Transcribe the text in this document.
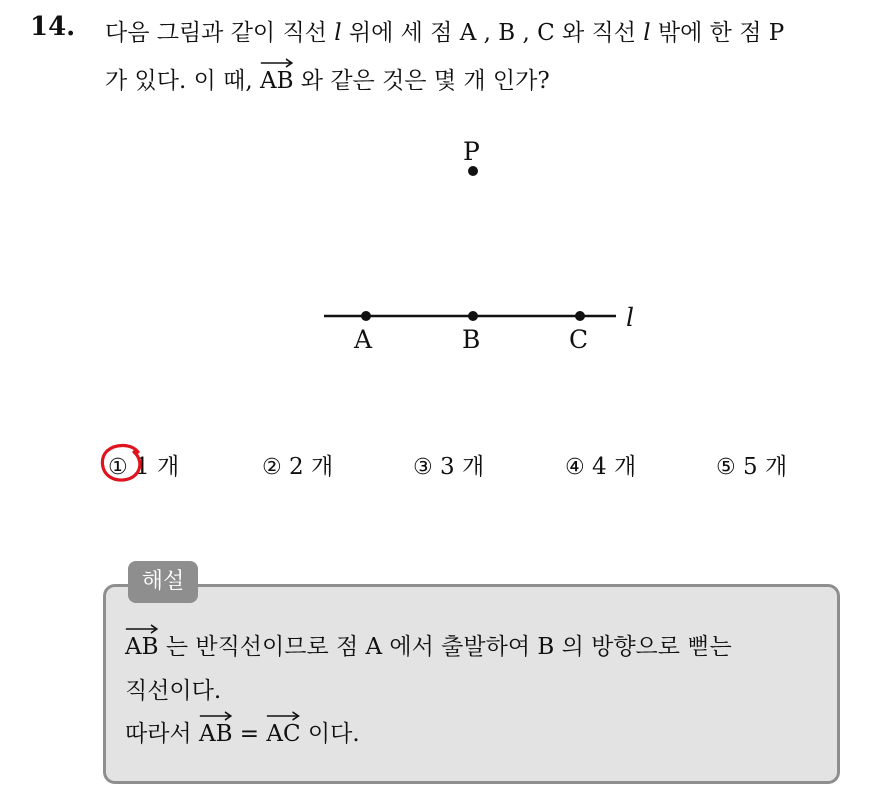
14. 다음 그림과 같이 직선 l 위에 세 점 A , B , C 와 직선 l 밖에 한 점 P
가 있다. 이 때,
AB 와 같은 것은 몇 개 인가?
P
A	B	C
l
① 1 개	② 2 개	③ 3 개	④ 4 개	⑤ 5 개
해설
AB 는 반직선이므로 점 A 에서 출발하여 B 의 방향으로 뻗는
직선이다.
따라서
AB =
AC 이다.
